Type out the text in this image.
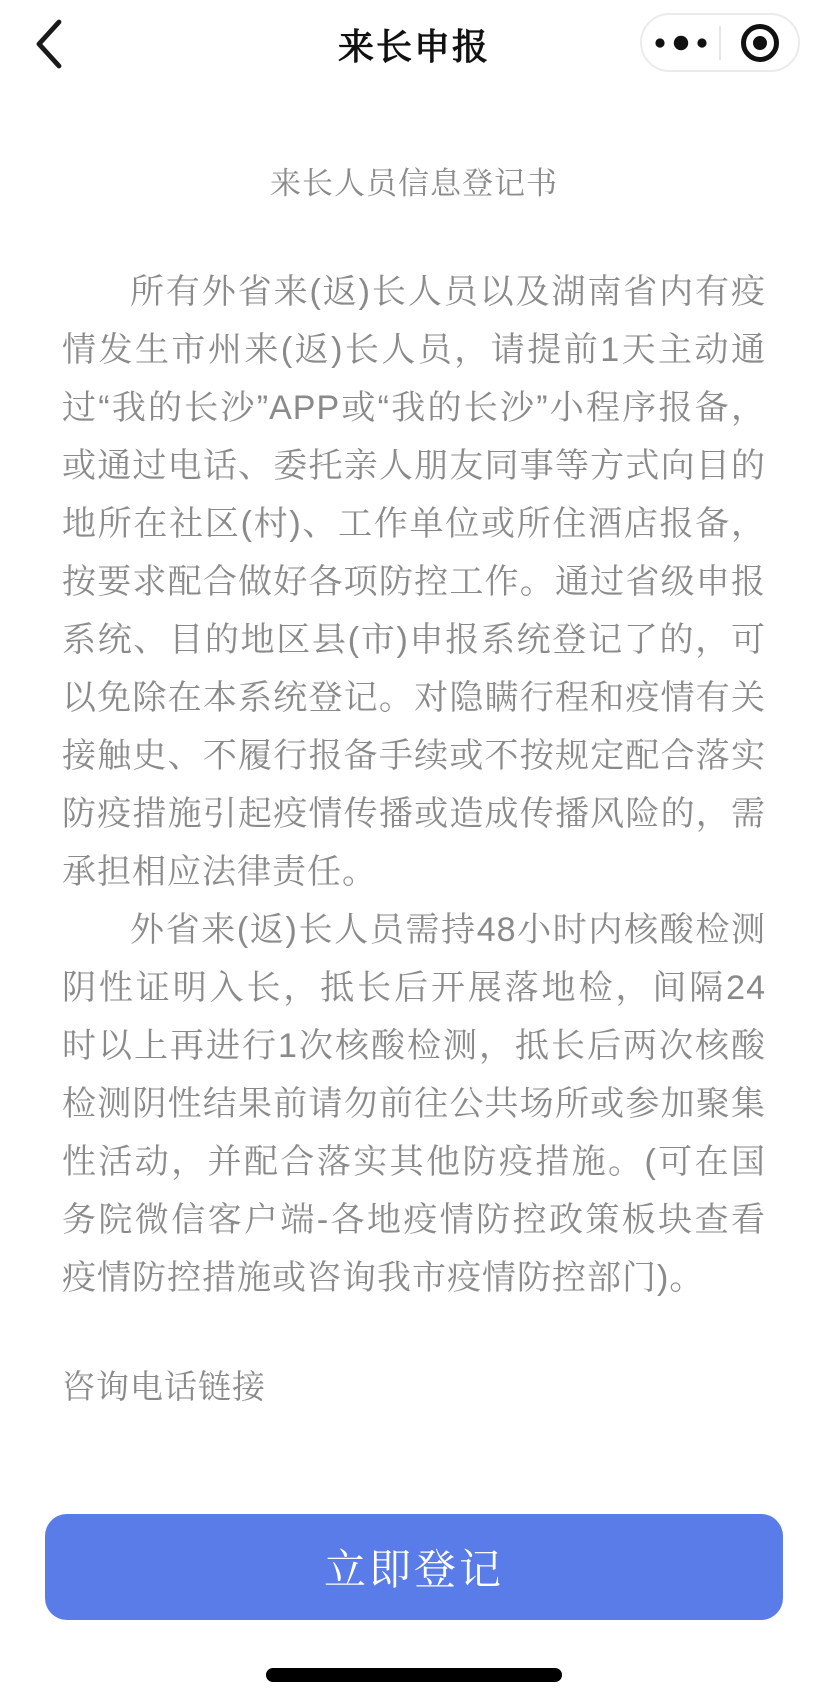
来长申报
来长人员信息登记书

所有外省来(返)长人员以及湖南省内有疫情发生市州来(返)长人员，请提前1天主动通过“我的长沙”APP或“我的长沙”小程序报备，或通过电话、委托亲人朋友同事等方式向目的地所在社区(村)、工作单位或所住酒店报备，按要求配合做好各项防控工作。通过省级申报系统、目的地区县(市)申报系统登记了的，可以免除在本系统登记。对隐瞒行程和疫情有关接触史、不履行报备手续或不按规定配合落实防疫措施引起疫情传播或造成传播风险的，需承担相应法律责任。

外省来(返)长人员需持48小时内核酸检测阴性证明入长，抵长后开展落地检，间隔24时以上再进行1次核酸检测，抵长后两次核酸检测阴性结果前请勿前往公共场所或参加聚集性活动，并配合落实其他防疫措施。(可在国务院微信客户端-各地疫情防控政策板块查看疫情防控措施或咨询我市疫情防控部门)。

咨询电话链接
立即登记
